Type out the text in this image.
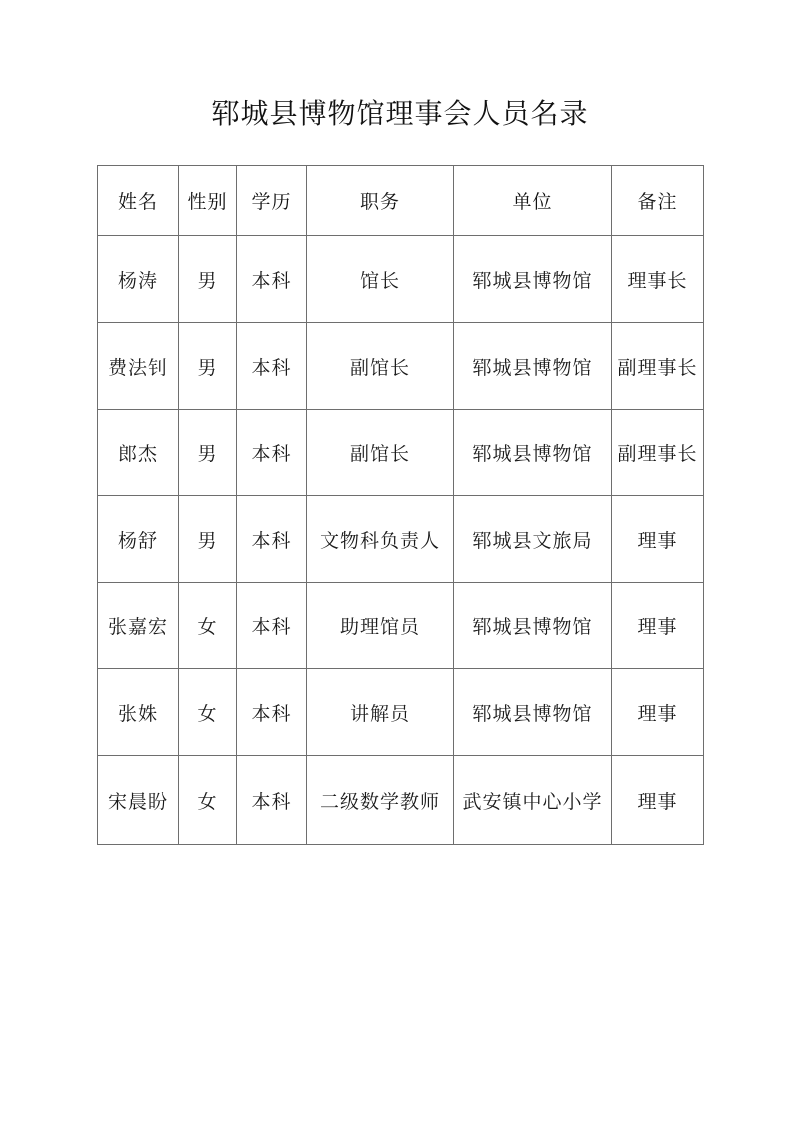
郓城县博物馆理事会人员名录
姓名	性别	学历	职务	单位	备注
杨涛	男	本科	馆长	郓城县博物馆	理事长
费法钊	男	本科	副馆长	郓城县博物馆	副理事长
郎杰	男	本科	副馆长	郓城县博物馆	副理事长
杨舒	男	本科	文物科负责人	郓城县文旅局	理事
张嘉宏	女	本科	助理馆员	郓城县博物馆	理事
张姝	女	本科	讲解员	郓城县博物馆	理事
宋晨盼	女	本科	二级数学教师	武安镇中心小学	理事
